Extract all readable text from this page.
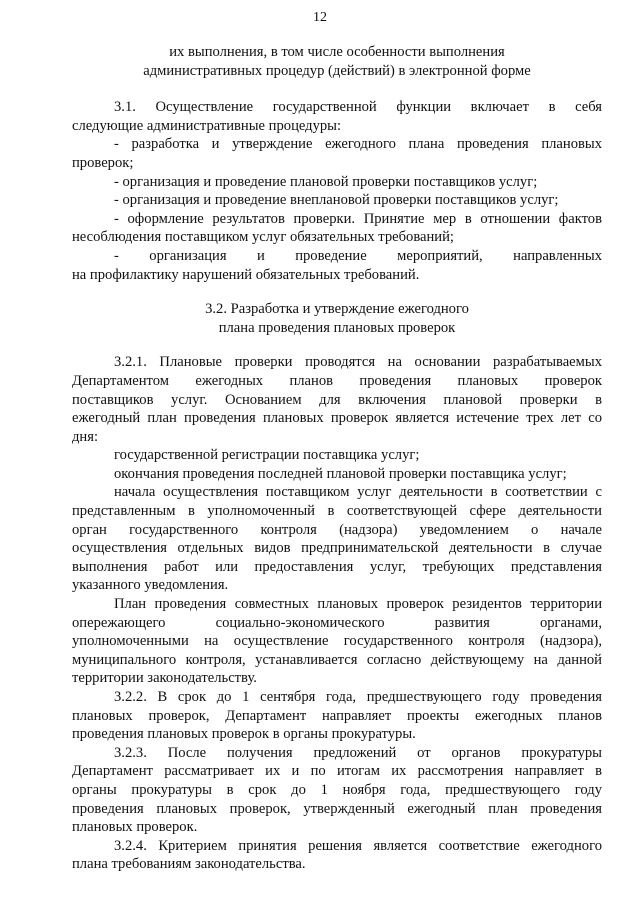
12

их выполнения, в том числе особенности выполнения

административных процедур (действий) в электронной форме

3.1. Осуществление государственной функции включает в себя

следующие административные процедуры:

- разработка и утверждение ежегодного плана проведения плановых

проверок;

- организация и проведение плановой проверки поставщиков услуг;

- организация и проведение внеплановой проверки поставщиков услуг;

- оформление результатов проверки. Принятие мер в отношении фактов

несоблюдения поставщиком услуг обязательных требований;

- организация и проведение мероприятий, направленных

на профилактику нарушений обязательных требований.

3.2. Разработка и утверждение ежегодного

плана проведения плановых проверок

3.2.1. Плановые проверки проводятся на основании разрабатываемых

Департаментом ежегодных планов проведения плановых проверок

поставщиков услуг. Основанием для включения плановой проверки в

ежегодный план проведения плановых проверок является истечение трех лет со

дня:

государственной регистрации поставщика услуг;

окончания проведения последней плановой проверки поставщика услуг;

начала осуществления поставщиком услуг деятельности в соответствии с

представленным в уполномоченный в соответствующей сфере деятельности

орган государственного контроля (надзора) уведомлением о начале

осуществления отдельных видов предпринимательской деятельности в случае

выполнения работ или предоставления услуг, требующих представления

указанного уведомления.

План проведения совместных плановых проверок резидентов территории

опережающего социально-экономического развития органами,

уполномоченными на осуществление государственного контроля (надзора),

муниципального контроля, устанавливается согласно действующему на данной

территории законодательству.

3.2.2. В срок до 1 сентября года, предшествующего году проведения

плановых проверок, Департамент направляет проекты ежегодных планов

проведения плановых проверок в органы прокуратуры.

3.2.3. После получения предложений от органов прокуратуры

Департамент рассматривает их и по итогам их рассмотрения направляет в

органы прокуратуры в срок до 1 ноября года, предшествующего году

проведения плановых проверок, утвержденный ежегодный план проведения

плановых проверок.

3.2.4. Критерием принятия решения является соответствие ежегодного

плана требованиям законодательства.
